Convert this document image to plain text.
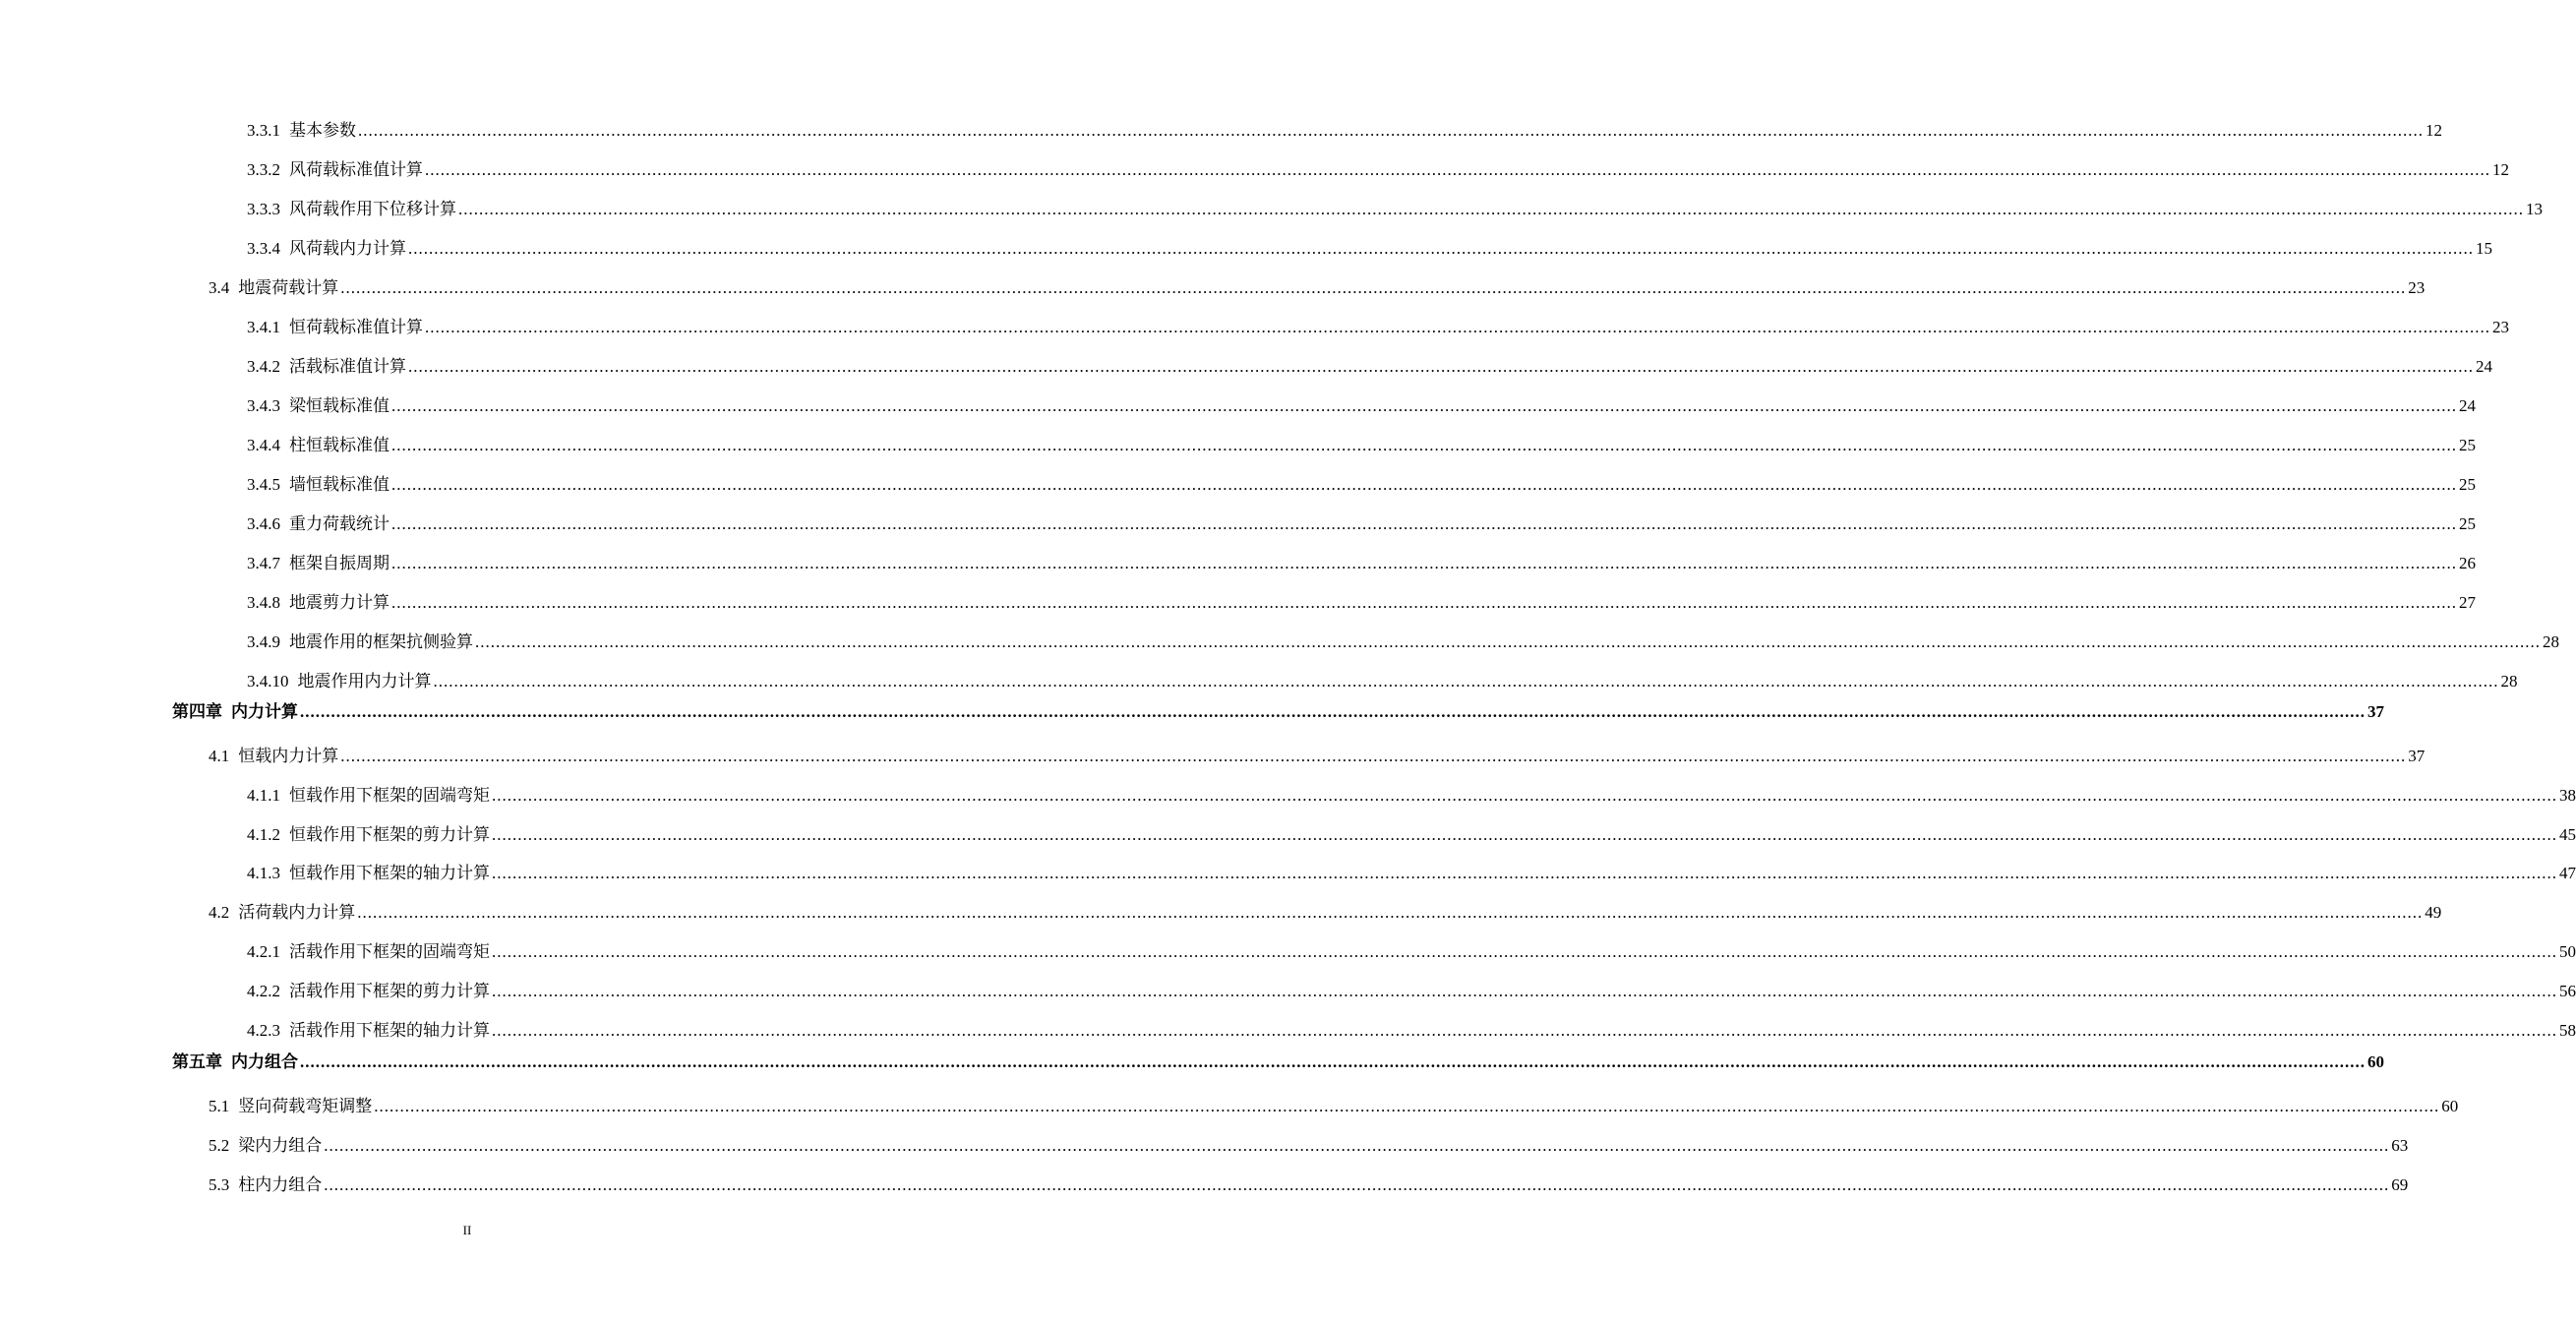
3.3.1 基本参数 ................................................................................................................................................................................................................................................................................................................................................................................................................ 12
3.3.2 风荷载标准值计算 ................................................................................................................................................................................................................................................................................................................................................................................................................ 12
3.3.3 风荷载作用下位移计算 ................................................................................................................................................................................................................................................................................................................................................................................................................ 13
3.3.4 风荷载内力计算 ................................................................................................................................................................................................................................................................................................................................................................................................................ 15
3.4 地震荷载计算 ................................................................................................................................................................................................................................................................................................................................................................................................................ 23
3.4.1 恒荷载标准值计算 ................................................................................................................................................................................................................................................................................................................................................................................................................ 23
3.4.2 活载标准值计算 ................................................................................................................................................................................................................................................................................................................................................................................................................ 24
3.4.3 梁恒载标准值 ................................................................................................................................................................................................................................................................................................................................................................................................................ 24
3.4.4 柱恒载标准值 ................................................................................................................................................................................................................................................................................................................................................................................................................ 25
3.4.5 墙恒载标准值 ................................................................................................................................................................................................................................................................................................................................................................................................................ 25
3.4.6 重力荷载统计 ................................................................................................................................................................................................................................................................................................................................................................................................................ 25
3.4.7 框架自振周期 ................................................................................................................................................................................................................................................................................................................................................................................................................ 26
3.4.8 地震剪力计算 ................................................................................................................................................................................................................................................................................................................................................................................................................ 27
3.4.9 地震作用的框架抗侧验算 ................................................................................................................................................................................................................................................................................................................................................................................................................ 28
3.4.10 地震作用内力计算 ................................................................................................................................................................................................................................................................................................................................................................................................................ 28
第四章 内力计算 ................................................................................................................................................................................................................................................................................................................................................................................................................ 37
4.1 恒载内力计算 ................................................................................................................................................................................................................................................................................................................................................................................................................ 37
4.1.1 恒载作用下框架的固端弯矩 ................................................................................................................................................................................................................................................................................................................................................................................................................ 38
4.1.2 恒载作用下框架的剪力计算 ................................................................................................................................................................................................................................................................................................................................................................................................................ 45
4.1.3 恒载作用下框架的轴力计算 ................................................................................................................................................................................................................................................................................................................................................................................................................ 47
4.2 活荷载内力计算 ................................................................................................................................................................................................................................................................................................................................................................................................................ 49
4.2.1 活载作用下框架的固端弯矩 ................................................................................................................................................................................................................................................................................................................................................................................................................ 50
4.2.2 活载作用下框架的剪力计算 ................................................................................................................................................................................................................................................................................................................................................................................................................ 56
4.2.3 活载作用下框架的轴力计算 ................................................................................................................................................................................................................................................................................................................................................................................................................ 58
第五章 内力组合 ................................................................................................................................................................................................................................................................................................................................................................................................................ 60
5.1 竖向荷载弯矩调整 ................................................................................................................................................................................................................................................................................................................................................................................................................ 60
5.2 梁内力组合 ................................................................................................................................................................................................................................................................................................................................................................................................................ 63
5.3 柱内力组合 ................................................................................................................................................................................................................................................................................................................................................................................................................ 69
II
